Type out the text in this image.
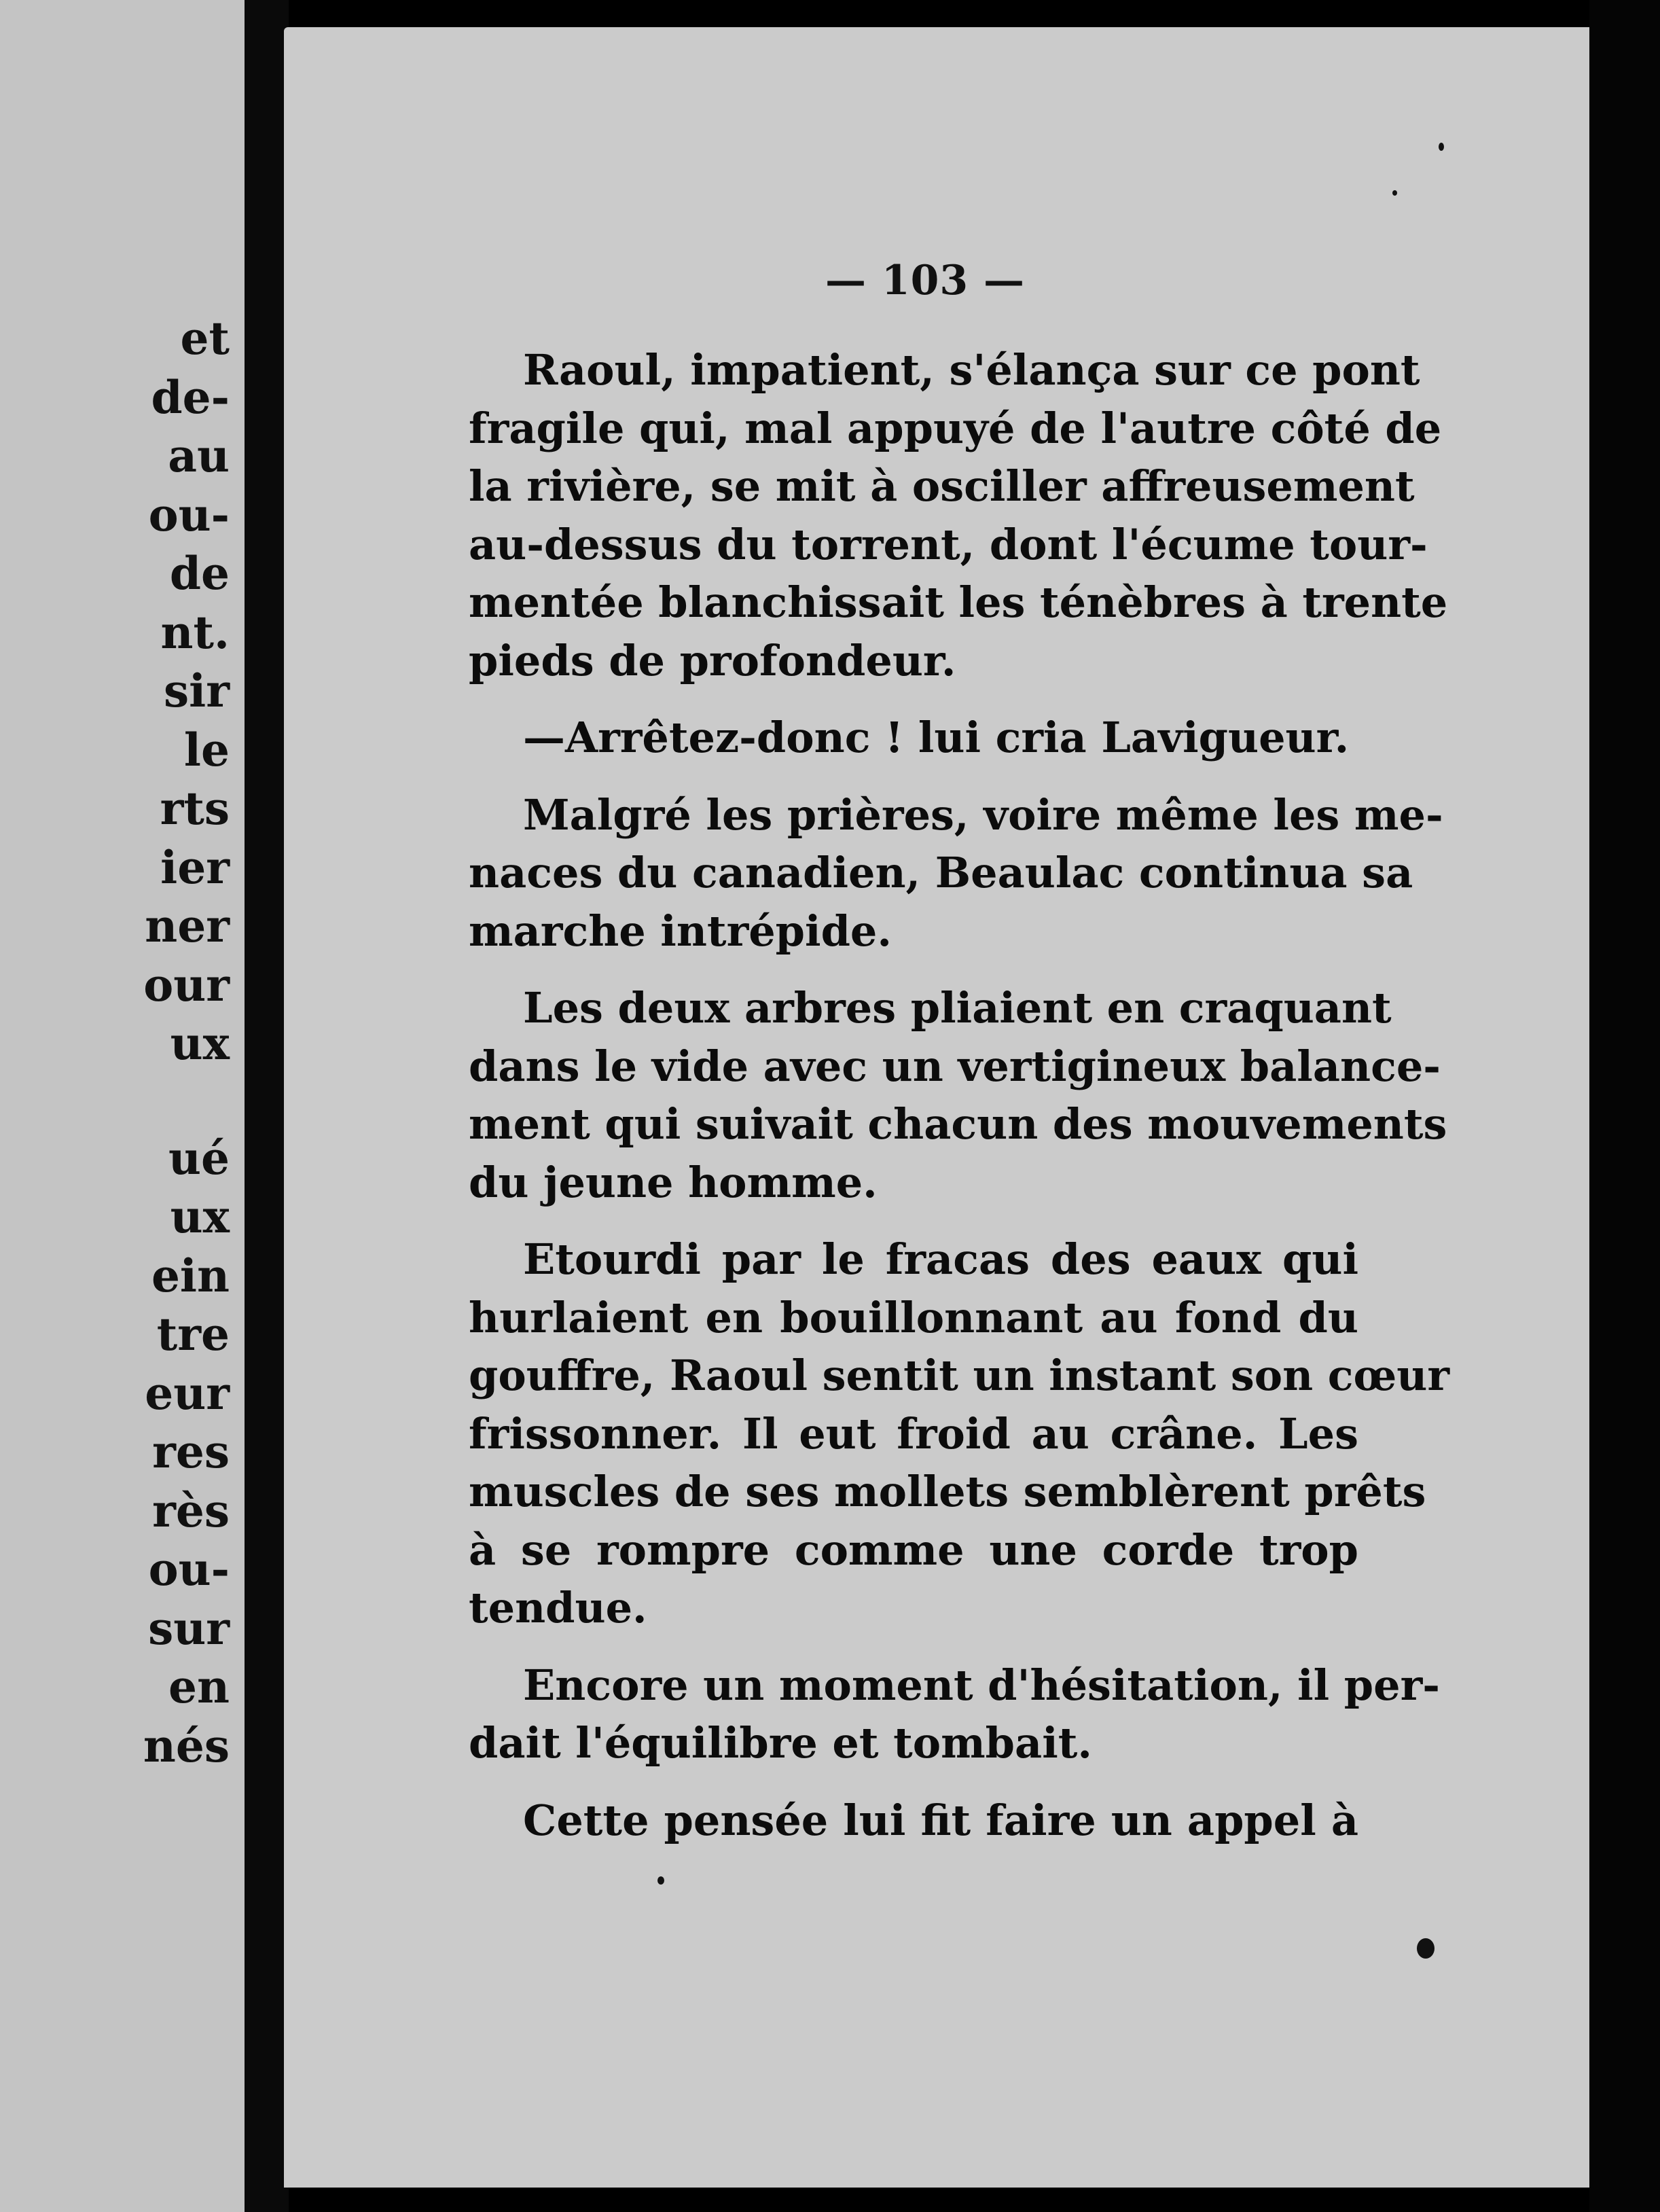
et
de-
au
ou-
de
nt.
sir
le
rts
ier
ner
our
ux
ué
ux
ein
tre
eur
res
rès
ou-
sur
en
nés
— 103 —

Raoul, impatient, s'élança sur ce pont
fragile qui, mal appuyé de l'autre côté de
la rivière, se mit à osciller affreusement
au-dessus du torrent, dont l'écume tour-
mentée blanchissait les ténèbres à trente
pieds de profondeur.

—Arrêtez-donc ! lui cria Lavigueur.

Malgré les prières, voire même les me-
naces du canadien, Beaulac continua sa
marche intrépide.

Les deux arbres pliaient en craquant
dans le vide avec un vertigineux balance-
ment qui suivait chacun des mouvements
du jeune homme.

Etourdi par le fracas des eaux qui
hurlaient en bouillonnant au fond du
gouffre, Raoul sentit un instant son cœur
frissonner. Il eut froid au crâne. Les
muscles de ses mollets semblèrent prêts
à se rompre comme une corde trop
tendue.

Encore un moment d'hésitation, il per-
dait l'équilibre et tombait.

Cette pensée lui fit faire un appel à
